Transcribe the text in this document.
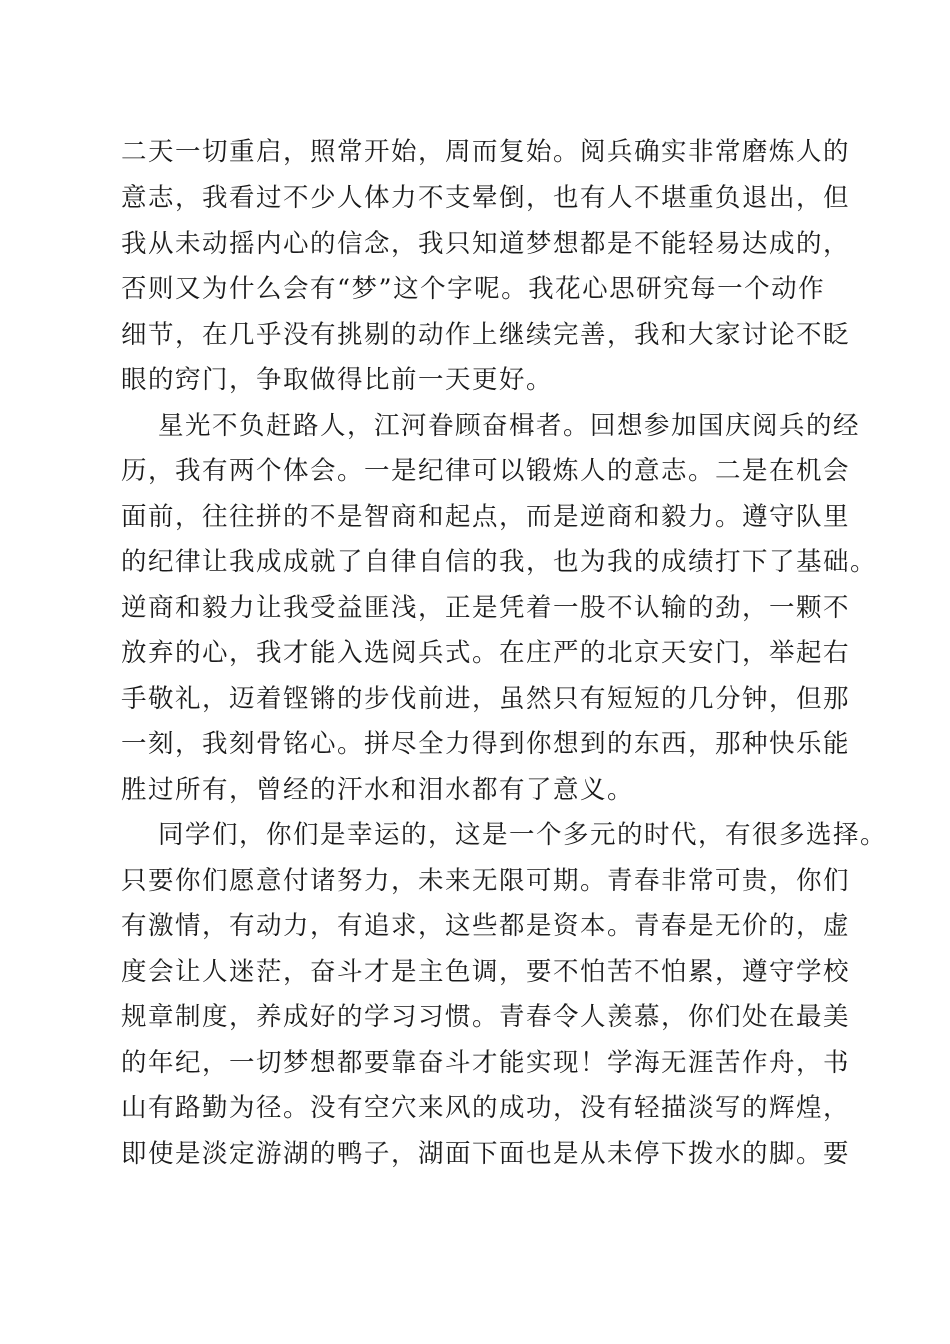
二天一切重启，照常开始，周而复始。阅兵确实非常磨炼人的

意志，我看过不少人体力不支晕倒，也有人不堪重负退出，但

我从未动摇内心的信念，我只知道梦想都是不能轻易达成的，

否则又为什么会有“梦”这个字呢。我花心思研究每一个动作

细节，在几乎没有挑剔的动作上继续完善，我和大家讨论不眨

眼的窍门，争取做得比前一天更好。

星光不负赶路人，江河眷顾奋楫者。回想参加国庆阅兵的经

历，我有两个体会。一是纪律可以锻炼人的意志。二是在机会

面前，往往拼的不是智商和起点，而是逆商和毅力。遵守队里

的纪律让我成成就了自律自信的我，也为我的成绩打下了基础。

逆商和毅力让我受益匪浅，正是凭着一股不认输的劲，一颗不

放弃的心，我才能入选阅兵式。在庄严的北京天安门，举起右

手敬礼，迈着铿锵的步伐前进，虽然只有短短的几分钟，但那

一刻，我刻骨铭心。拼尽全力得到你想到的东西，那种快乐能

胜过所有，曾经的汗水和泪水都有了意义。

同学们，你们是幸运的，这是一个多元的时代，有很多选择。

只要你们愿意付诸努力，未来无限可期。青春非常可贵，你们

有激情，有动力，有追求，这些都是资本。青春是无价的，虚

度会让人迷茫，奋斗才是主色调，要不怕苦不怕累，遵守学校

规章制度，养成好的学习习惯。青春令人羡慕，你们处在最美

的年纪，一切梦想都要靠奋斗才能实现！学海无涯苦作舟，书

山有路勤为径。没有空穴来风的成功，没有轻描淡写的辉煌，

即使是淡定游湖的鸭子，湖面下面也是从未停下拨水的脚。要
